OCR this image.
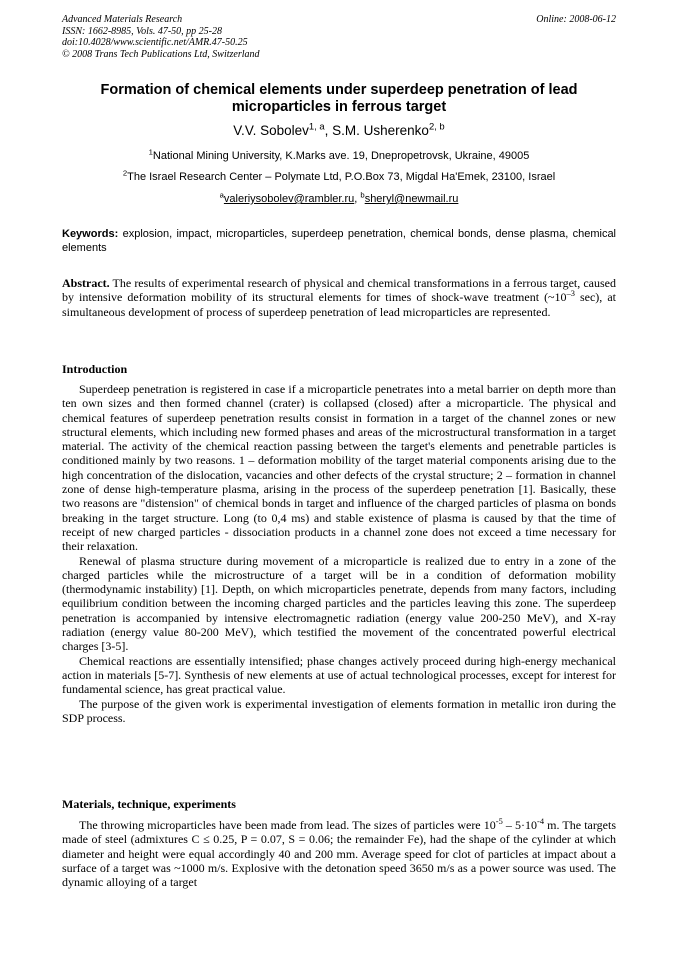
Advanced Materials Research
ISSN: 1662-8985, Vols. 47-50, pp 25-28
doi:10.4028/www.scientific.net/AMR.47-50.25
© 2008 Trans Tech Publications Ltd, Switzerland
Online: 2008-06-12
Formation of chemical elements under superdeep penetration of lead microparticles in ferrous target
V.V. Sobolev$^{1, a}$, S.M. Usherenko$^{2, b}$
$^1$National Mining University, K.Marks ave. 19, Dnepropetrovsk, Ukraine, 49005
$^2$The Israel Research Center – Polymate Ltd, P.O.Box 73, Migdal Ha'Emek, 23100, Israel
$^a$valeriysobolev@rambler.ru, $^b$sheryl@newmail.ru
Keywords: explosion, impact, microparticles, superdeep penetration, chemical bonds, dense plasma, chemical elements
Abstract. The results of experimental research of physical and chemical transformations in a ferrous target, caused by intensive deformation mobility of its structural elements for times of shock-wave treatment ($\sim 10^{-3}$ sec), at simultaneous development of process of superdeep penetration of lead microparticles are represented.
Introduction

Superdeep penetration is registered in case if a microparticle penetrates into a metal barrier on depth more than ten own sizes and then formed channel (crater) is collapsed (closed) after a microparticle. The physical and chemical features of superdeep penetration results consist in formation in a target of the channel zones or new structural elements, which including new formed phases and areas of the microstructural transformation in a target material. The activity of the chemical reaction passing between the target's elements and penetrable particles is conditioned mainly by two reasons. 1 – deformation mobility of the target material components arising due to the high concentration of the dislocation, vacancies and other defects of the crystal structure; 2 – formation in channel zone of dense high-temperature plasma, arising in the process of the superdeep penetration [1]. Basically, these two reasons are "distension" of chemical bonds in target and influence of the charged particles of plasma on bonds breaking in the target structure. Long (to 0,4 ms) and stable existence of plasma is caused by that the time of receipt of new charged particles - dissociation products in a channel zone does not exceed a time necessary for their relaxation.

Renewal of plasma structure during movement of a microparticle is realized due to entry in a zone of the charged particles while the microstructure of a target will be in a condition of deformation mobility (thermodynamic instability) [1]. Depth, on which microparticles penetrate, depends from many factors, including equilibrium condition between the incoming charged particles and the particles leaving this zone. The superdeep penetration is accompanied by intensive electromagnetic radiation (energy value 200-250 MeV), and X-ray radiation (energy value 80-200 MeV), which testified the movement of the concentrated powerful electrical charges [3-5].

Chemical reactions are essentially intensified; phase changes actively proceed during high-energy mechanical action in materials [5-7]. Synthesis of new elements at use of actual technological processes, except for interest for fundamental science, has great practical value.

The purpose of the given work is experimental investigation of elements formation in metallic iron during the SDP process.

Materials, technique, experiments

The throwing microparticles have been made from lead. The sizes of particles were $10^{-5} - 5\cdot 10^{-4}$ m. The targets made of steel (admixtures C ≤ 0.25, P = 0.07, S = 0.06; the remainder Fe), had the shape of the cylinder at which diameter and height were equal accordingly 40 and 200 mm. Average speed for clot of particles at impact about a surface of a target was ~1000 m/s. Explosive with the detonation speed 3650 m/s as a power source was used. The dynamic alloying of a target
